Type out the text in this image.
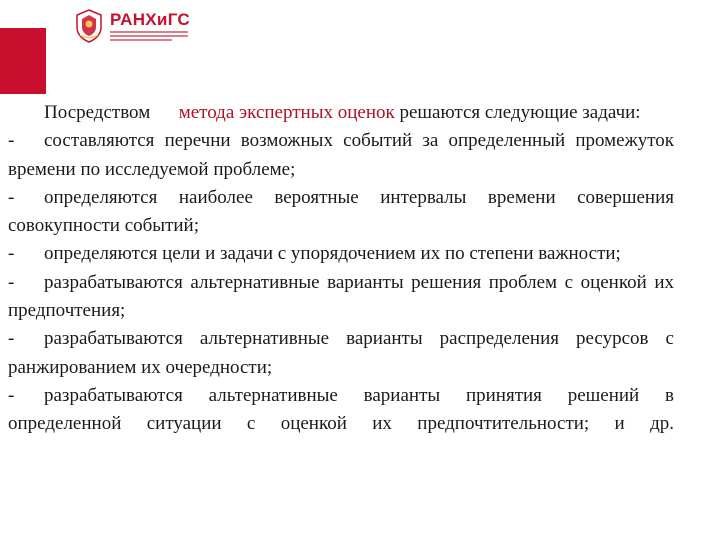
РАНХиГС

Посредством метода экспертных оценок решаются следующие задачи:

- составляются перечни возможных событий за определенный промежуток времени по исследуемой проблеме;

- определяются наиболее вероятные интервалы времени совершения совокупности событий;

- определяются цели и задачи с упорядочением их по степени важности;

- разрабатываются альтернативные варианты решения проблем с оценкой их предпочтения;

- разрабатываются альтернативные варианты распределения ресурсов с ранжированием их очередности;

- разрабатываются альтернативные варианты принятия решений в определенной ситуации с оценкой их предпочтительности; и др.
